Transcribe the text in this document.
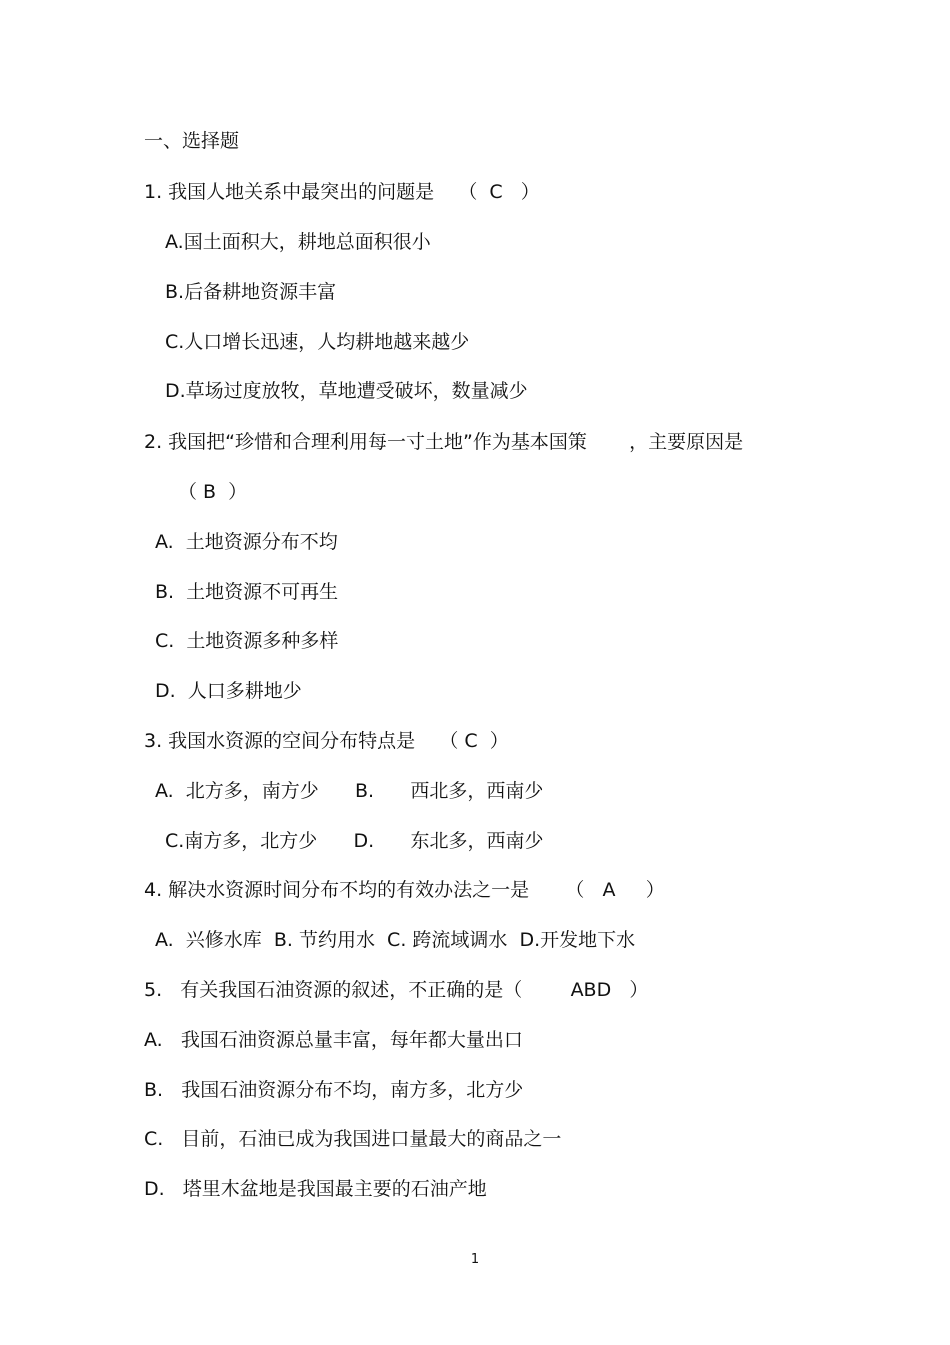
一、选择题
1. 我国人地关系中最突出的问题是    （  C   ）
A.国土面积大，耕地总面积很小
B.后备耕地资源丰富
C.人口增长迅速，人均耕地越来越少
D.草场过度放牧，草地遭受破坏，数量减少
2. 我国把“珍惜和合理利用每一寸土地”作为基本国策       ，主要原因是
（ B  ）
A.  土地资源分布不均
B.  土地资源不可再生
C.  土地资源多种多样
D.  人口多耕地少
3. 我国水资源的空间分布特点是    （ C  ）
A.  北方多，南方少      B.      西北多，西南少
C.南方多，北方少      D.      东北多，西南少
4. 解决水资源时间分布不均的有效办法之一是      （   A     ）
A.  兴修水库  B. 节约用水  C. 跨流域调水  D.开发地下水
5.   有关我国石油资源的叙述，不正确的是（        ABD   ）
A.   我国石油资源总量丰富，每年都大量出口
B.   我国石油资源分布不均，南方多，北方少
C.   目前，石油已成为我国进口量最大的商品之一
D.   塔里木盆地是我国最主要的石油产地
1
